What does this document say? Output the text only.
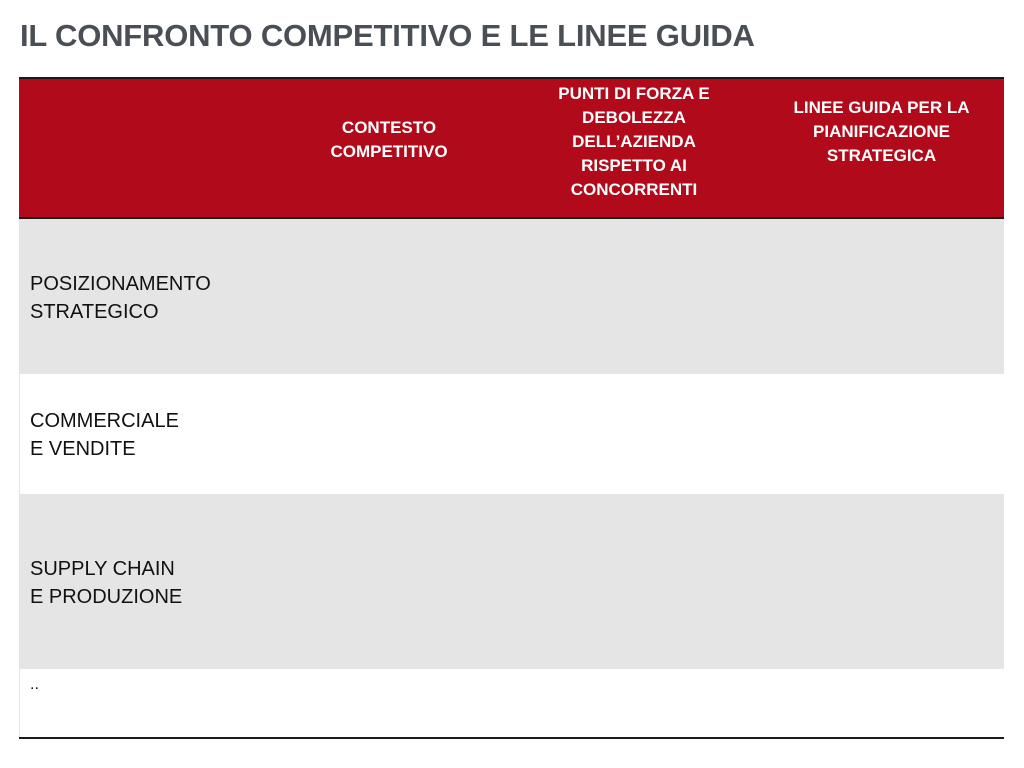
IL CONFRONTO COMPETITIVO E LE LINEE GUIDA
CONTESTO
COMPETITIVO
PUNTI DI FORZA E
DEBOLEZZA
DELL’AZIENDA
RISPETTO AI
CONCORRENTI
LINEE GUIDA PER LA
PIANIFICAZIONE
STRATEGICA
POSIZIONAMENTO
STRATEGICO
COMMERCIALE
E VENDITE
SUPPLY CHAIN
E PRODUZIONE
..
